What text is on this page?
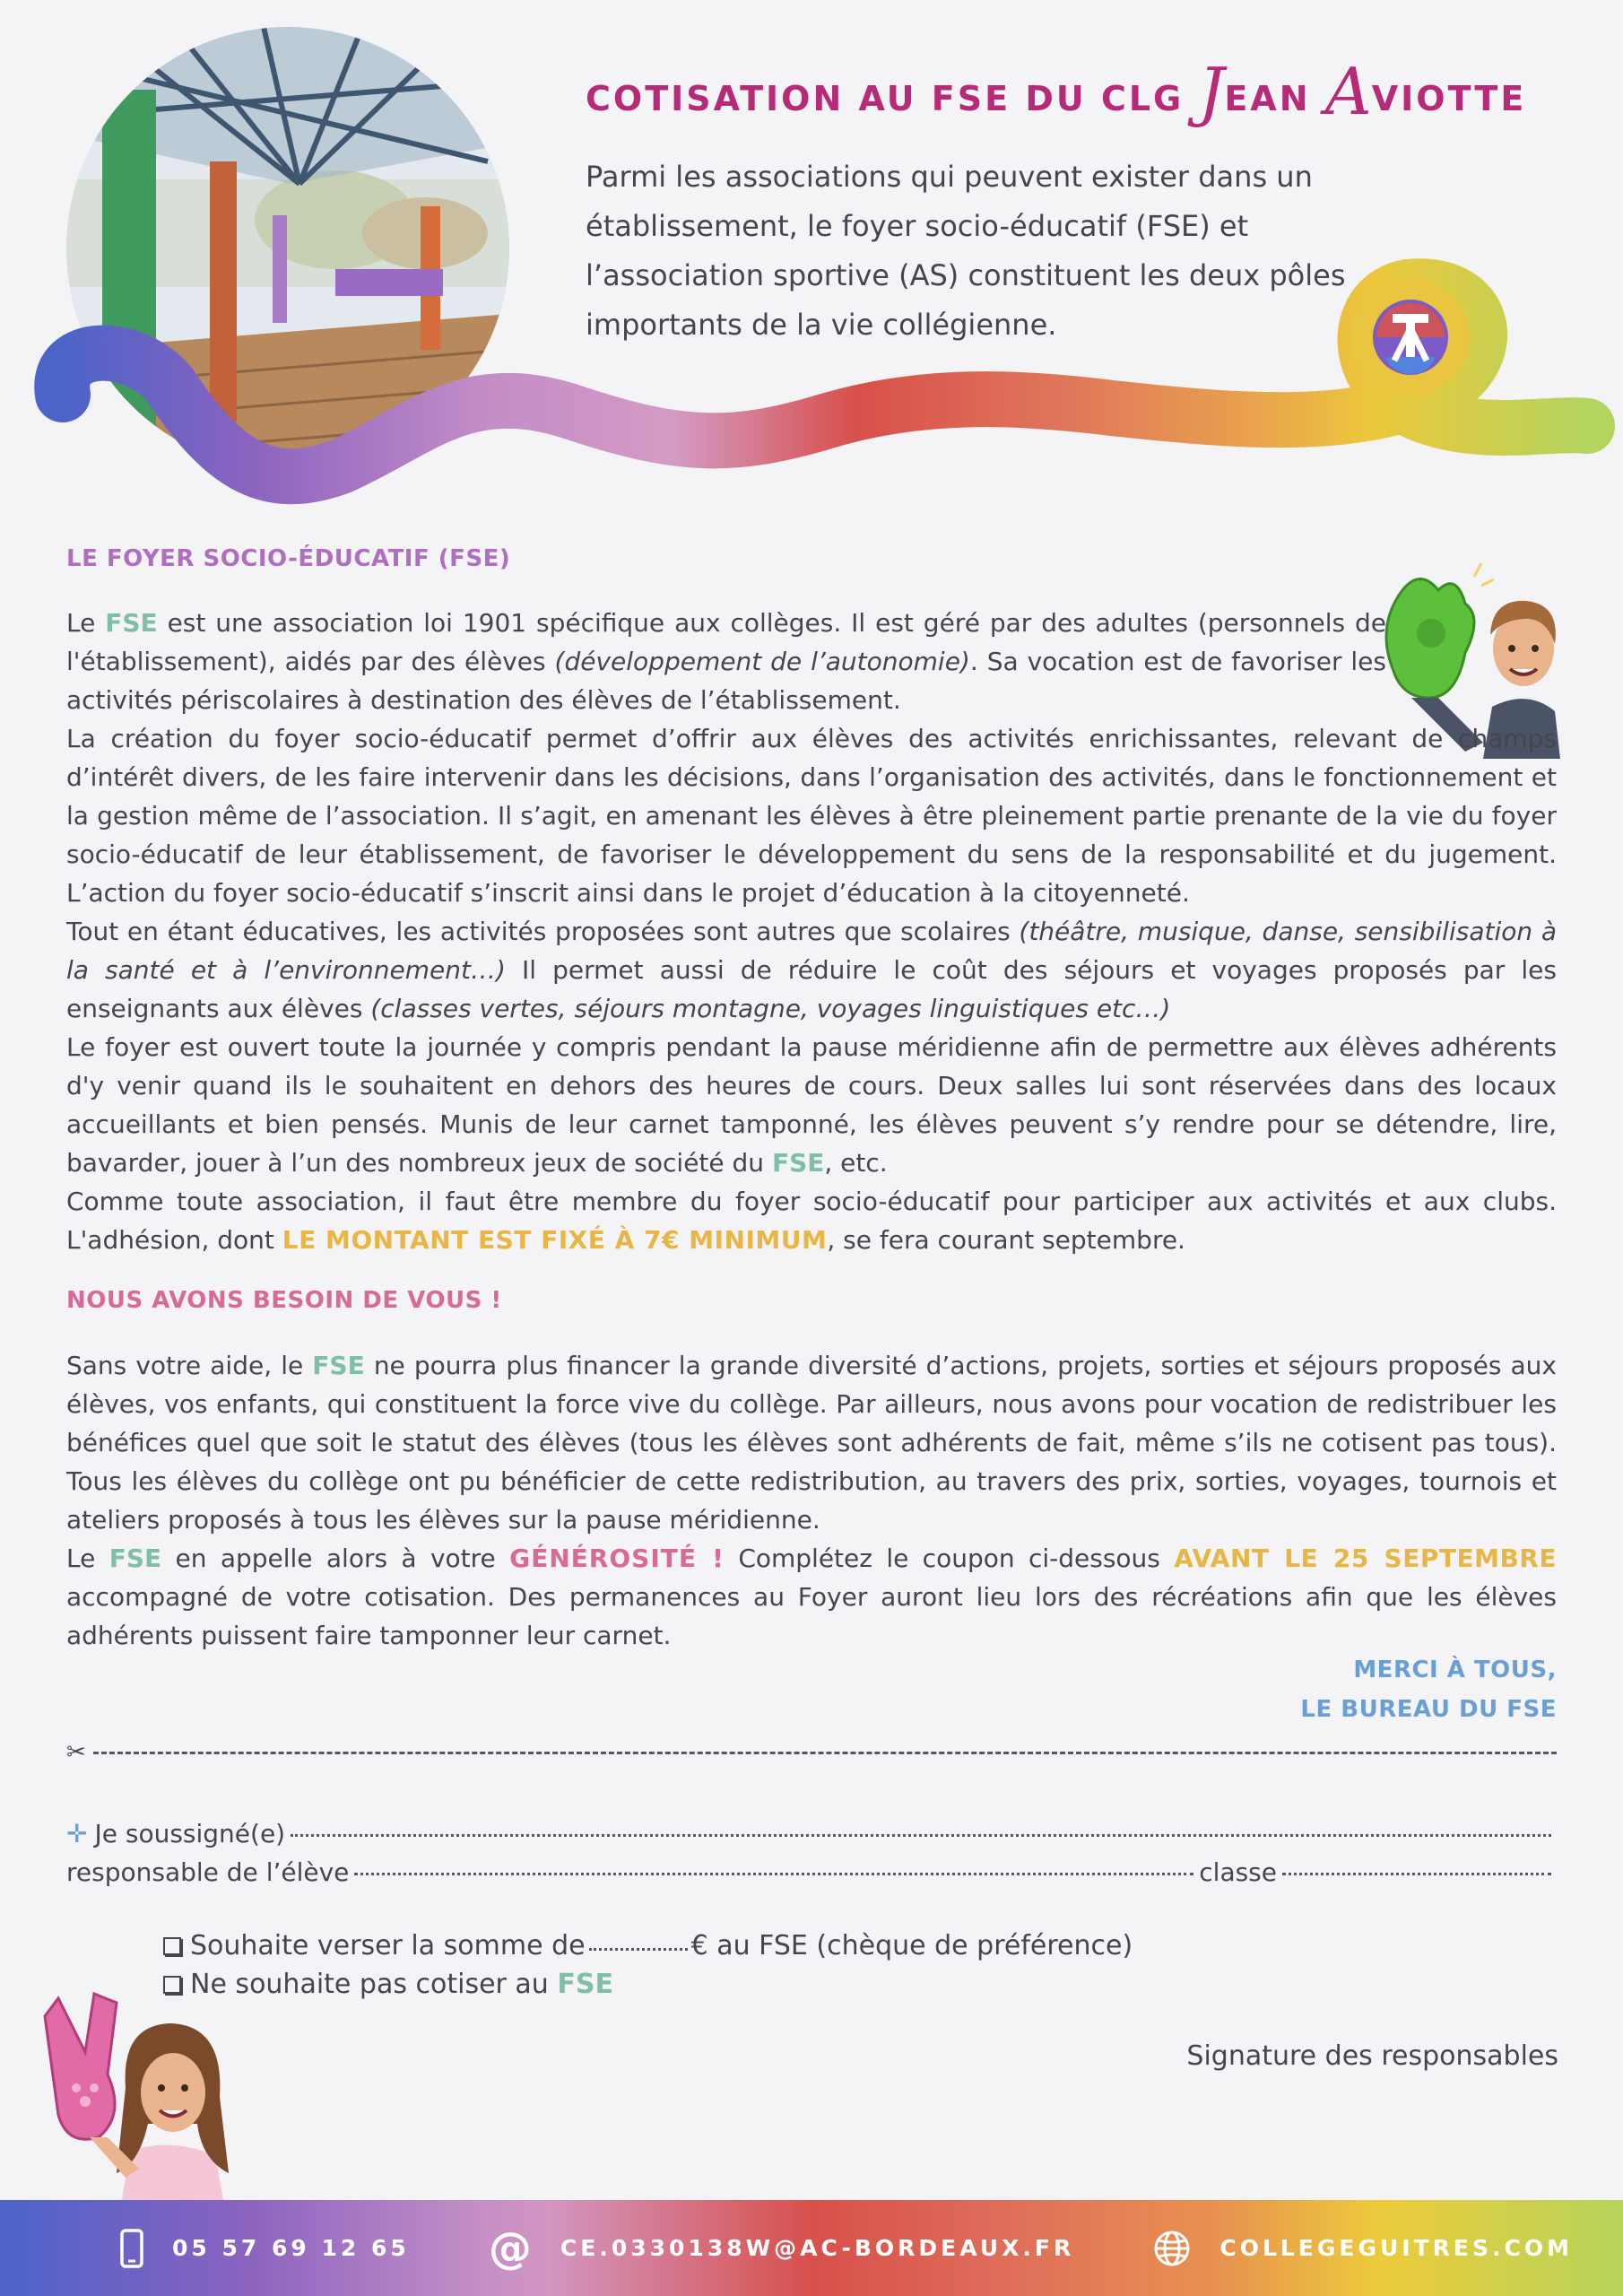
COTISATION AU FSE DU CLG JEAN AVIOTTE
Parmi les associations qui peuvent exister dans un établissement, le foyer socio-éducatif (FSE) et l’association sportive (AS) constituent les deux pôles importants de la vie collégienne.
LE FOYER SOCIO-ÉDUCATIF (FSE)

Le FSE est une association loi 1901 spécifique aux collèges. Il est géré par des adultes (personnels de l'établissement), aidés par des élèves (développement de l’autonomie). Sa vocation est de favoriser les activités périscolaires à destination des élèves de l’établissement.

La création du foyer socio-éducatif permet d’offrir aux élèves des activités enrichissantes, relevant de champs d’intérêt divers, de les faire intervenir dans les décisions, dans l’organisation des activités, dans le fonctionnement et la gestion même de l’association. Il s’agit, en amenant les élèves à être pleinement partie prenante de la vie du foyer socio-éducatif de leur établissement, de favoriser le développement du sens de la responsabilité et du jugement. L’action du foyer socio-éducatif s’inscrit ainsi dans le projet d’éducation à la citoyenneté.

Tout en étant éducatives, les activités proposées sont autres que scolaires (théâtre, musique, danse, sensibilisation à la santé et à l’environnement…) Il permet aussi de réduire le coût des séjours et voyages proposés par les enseignants aux élèves (classes vertes, séjours montagne, voyages linguistiques etc…)

Le foyer est ouvert toute la journée y compris pendant la pause méridienne afin de permettre aux élèves adhérents d'y venir quand ils le souhaitent en dehors des heures de cours. Deux salles lui sont réservées dans des locaux accueillants et bien pensés. Munis de leur carnet tamponné, les élèves peuvent s’y rendre pour se détendre, lire, bavarder, jouer à l’un des nombreux jeux de société du FSE, etc.

Comme toute association, il faut être membre du foyer socio-éducatif pour participer aux activités et aux clubs. L'adhésion, dont LE MONTANT EST FIXÉ À 7€ MINIMUM, se fera courant septembre.

NOUS AVONS BESOIN DE VOUS !

Sans votre aide, le FSE ne pourra plus financer la grande diversité d’actions, projets, sorties et séjours proposés aux élèves, vos enfants, qui constituent la force vive du collège. Par ailleurs, nous avons pour vocation de redistribuer les bénéfices quel que soit le statut des élèves (tous les élèves sont adhérents de fait, même s’ils ne cotisent pas tous). Tous les élèves du collège ont pu bénéficier de cette redistribution, au travers des prix, sorties, voyages, tournois et ateliers proposés à tous les élèves sur la pause méridienne.

Le FSE en appelle alors à votre GÉNÉROSITÉ ! Complétez le coupon ci-dessous AVANT LE 25 SEPTEMBRE accompagné de votre cotisation. Des permanences au Foyer auront lieu lors des récréations afin que les élèves adhérents puissent faire tamponner leur carnet.

MERCI À TOUS,
LE BUREAU DU FSE
✂
✛ Je soussigné(e)
responsable de l’élève	classe
Souhaite verser la somme de	€ au FSE (chèque de préférence)
Ne souhaite pas cotiser au FSE
Signature des responsables
05 57 69 12 65 @ CE.0330138W@AC-BORDEAUX.FR	COLLEGEGUITRES.COM
